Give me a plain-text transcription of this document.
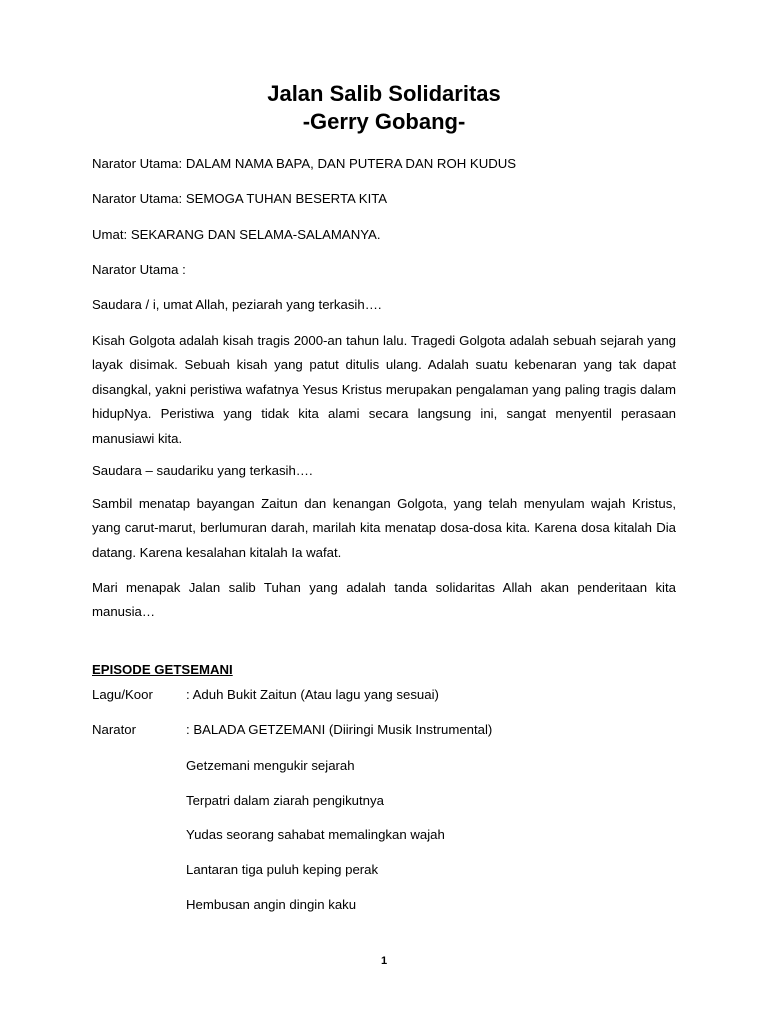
Jalan Salib Solidaritas
-Gerry Gobang-
Narator Utama: DALAM NAMA BAPA, DAN PUTERA DAN ROH KUDUS
Narator Utama: SEMOGA TUHAN BESERTA KITA
Umat: SEKARANG DAN SELAMA-SALAMANYA.
Narator Utama :
Saudara / i, umat Allah, peziarah yang terkasih….
Kisah Golgota adalah kisah tragis 2000-an tahun lalu. Tragedi Golgota adalah sebuah sejarah yang layak disimak. Sebuah kisah yang patut ditulis ulang. Adalah suatu kebenaran yang tak dapat disangkal, yakni peristiwa wafatnya Yesus Kristus merupakan pengalaman yang paling tragis dalam hidupNya. Peristiwa yang tidak kita alami secara langsung ini, sangat menyentil perasaan manusiawi kita.
Saudara – saudariku yang terkasih….
Sambil menatap bayangan Zaitun dan kenangan Golgota, yang telah menyulam wajah Kristus, yang carut-marut, berlumuran darah, marilah kita menatap dosa-dosa kita. Karena dosa kitalah Dia datang. Karena kesalahan kitalah Ia wafat.
Mari menapak Jalan salib Tuhan yang adalah tanda solidaritas Allah akan penderitaan kita manusia…
EPISODE GETSEMANI
Lagu/Koor	: Aduh Bukit Zaitun (Atau lagu yang sesuai)
Narator	: BALADA GETZEMANI (Diiringi Musik Instrumental)
Getzemani mengukir sejarah
Terpatri dalam ziarah pengikutnya
Yudas seorang sahabat memalingkan wajah
Lantaran tiga puluh keping perak
Hembusan angin dingin kaku
1
